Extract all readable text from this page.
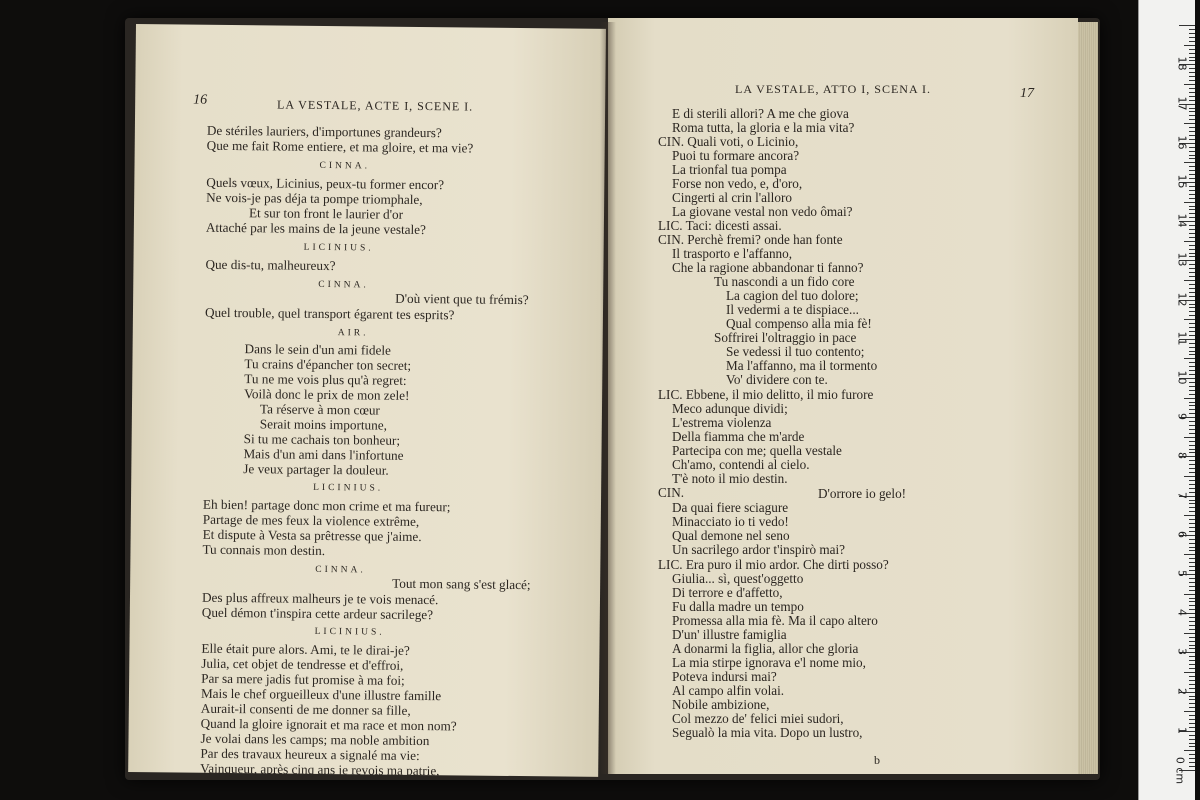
16	LA VESTALE, ACTE I, SCENE I.
De stériles lauriers, d'importunes grandeurs?
Que me fait Rome entiere, et ma gloire, et ma vie?
CINNA.
Quels vœux, Licinius, peux-tu former encor?
Ne vois-je pas déja ta pompe triomphale,
Et sur ton front le laurier d'or
Attaché par les mains de la jeune vestale?
LICINIUS.
Que dis-tu, malheureux?
CINNA.
D'où vient que tu frémis?
Quel trouble, quel transport égarent tes esprits?
AIR.
Dans le sein d'un ami fidele
Tu crains d'épancher ton secret;
Tu ne me vois plus qu'à regret:
Voilà donc le prix de mon zele!
Ta réserve à mon cœur
Serait moins importune,
Si tu me cachais ton bonheur;
Mais d'un ami dans l'infortune
Je veux partager la douleur.
LICINIUS.
Eh bien! partage donc mon crime et ma fureur;
Partage de mes feux la violence extrême,
Et dispute à Vesta sa prêtresse que j'aime.
Tu connais mon destin.
CINNA.
Tout mon sang s'est glacé;
Des plus affreux malheurs je te vois menacé.
Quel démon t'inspira cette ardeur sacrilege?
LICINIUS.
Elle était pure alors. Ami, te le dirai-je?
Julia, cet objet de tendresse et d'effroi,
Par sa mere jadis fut promise à ma foi;
Mais le chef orgueilleux d'une illustre famille
Aurait-il consenti de me donner sa fille,
Quand la gloire ignorait et ma race et mon nom?
Je volai dans les camps; ma noble ambition
Par des travaux heureux a signalé ma vie:
Vainqueur, après cinq ans je revois ma patrie,
LA VESTALE, ATTO I, SCENA I.	17
E di sterili allori? A me che giova
Roma tutta, la gloria e la mia vita?
CIN. Quali voti, o Licinio,
Puoi tu formare ancora?
La trionfal tua pompa
Forse non vedo, e, d'oro,
Cingerti al crin l'alloro
La giovane vestal non vedo ômai?
LIC. Taci: dicesti assai.
CIN. Perchè fremi? onde han fonte
Il trasporto e l'affanno,
Che la ragione abbandonar ti fanno?
Tu nascondi a un fido core
La cagion del tuo dolore;
Il vedermi a te dispiace...
Qual compenso alla mia fè!
Soffrirei l'oltraggio in pace
Se vedessi il tuo contento;
Ma l'affanno, ma il tormento
Vo' dividere con te.
LIC. Ebbene, il mio delitto, il mio furore
Meco adunque dividi;
L'estrema violenza
Della fiamma che m'arde
Partecipa con me; quella vestale
Ch'amo, contendi al cielo.
T'è noto il mio destin.
CIN.	D'orrore io gelo!
Da quai fiere sciagure
Minacciato io ti vedo!
Qual demone nel seno
Un sacrilego ardor t'inspirò mai?
LIC. Era puro il mio ardor. Che dirti posso?
Giulia... sì, quest'oggetto
Di terrore e d'affetto,
Fu dalla madre un tempo
Promessa alla mia fè. Ma il capo altero
D'un' illustre famiglia
A donarmi la figlia, allor che gloria
La mia stirpe ignorava e'l nome mio,
Poteva indursi mai?
Al campo alfin volai.
Nobile ambizione,
Col mezzo de' felici miei sudori,
Segualò la mia vita. Dopo un lustro,
b	0 cm
1
2
3
4
5
6
7
8
9
10
11
12
13
14
15
16
17
18
